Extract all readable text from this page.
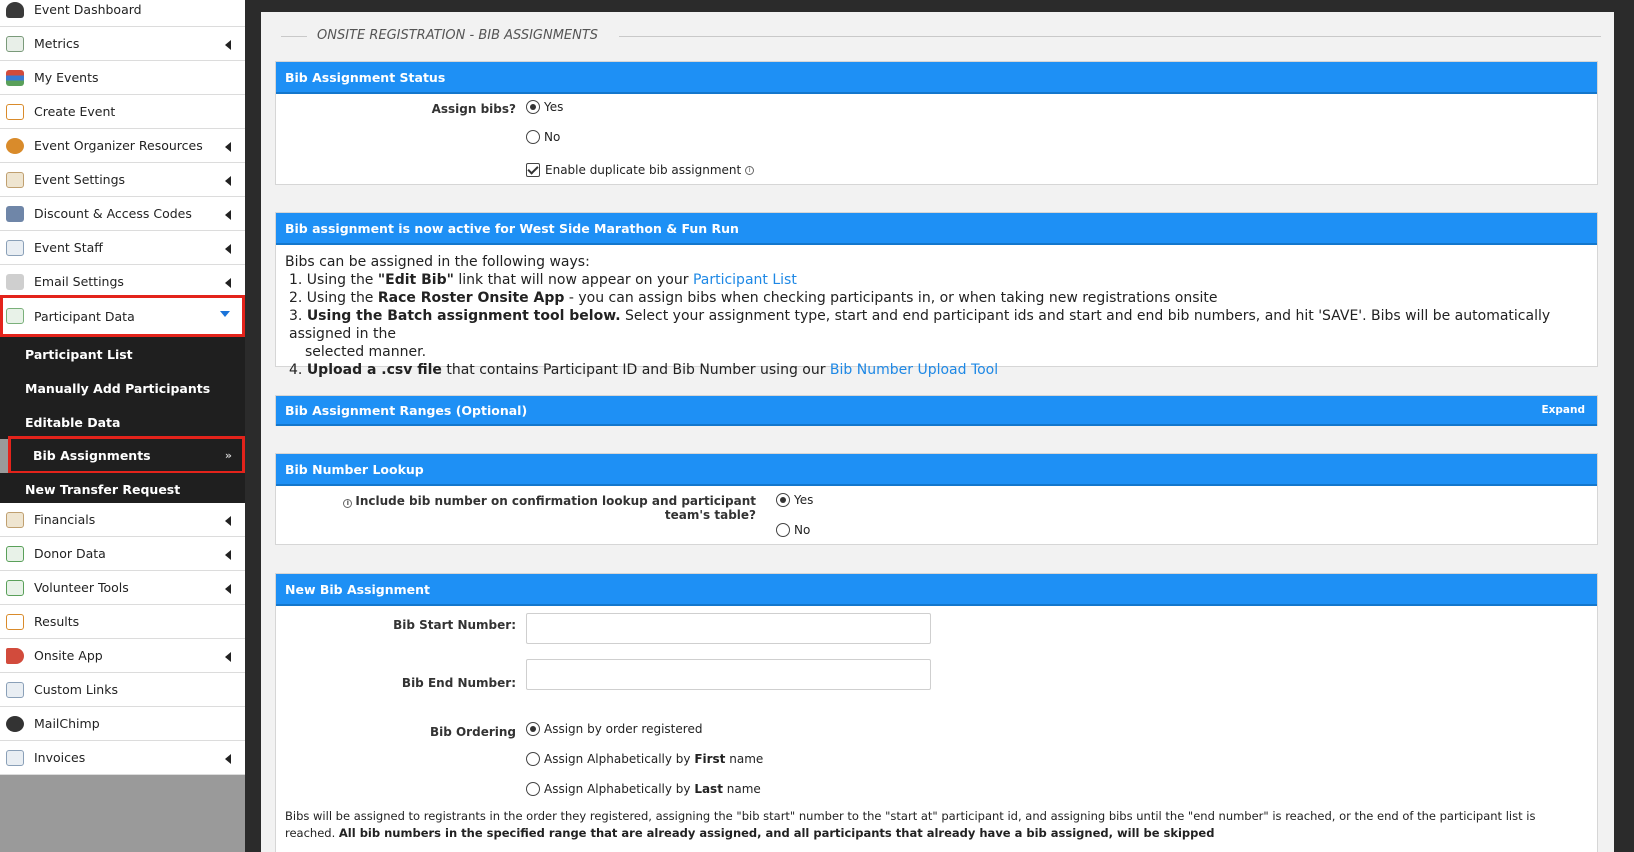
Event Dashboard
Metrics
My Events
Create Event
Event Organizer Resources
Event Settings
Discount & Access Codes
Event Staff
Email Settings
Participant Data
Participant List
Manually Add Participants
Editable Data
Bib Assignments	»
New Transfer Request
Financials
Donor Data
Volunteer Tools
Results
Onsite App
Custom Links
MailChimp
Invoices
ONSITE REGISTRATION - BIB ASSIGNMENTS
Bib Assignment Status
Assign bibs? Yes
No
Enable duplicate bib assignment	i
Bib assignment is now active for West Side Marathon & Fun Run
Bibs can be assigned in the following ways:
1. Using the "Edit Bib" link that will now appear on your Participant List
2. Using the Race Roster Onsite App - you can assign bibs when checking participants in, or when taking new registrations onsite
3. Using the Batch assignment tool below. Select your assignment type, start and end participant ids and start and end bib numbers, and hit 'SAVE'. Bibs will be automatically assigned in the
selected manner.
4. Upload a .csv file that contains Participant ID and Bib Number using our Bib Number Upload Tool
Bib Assignment Ranges (Optional)	Expand
Bib Number Lookup
i Include bib number on confirmation lookup and participant team's table?
Yes
No
New Bib Assignment
Bib Start Number:
Bib End Number:
Bib Ordering Assign by order registered
Assign Alphabetically by First name
Assign Alphabetically by Last name
Bibs will be assigned to registrants in the order they registered, assigning the "bib start" number to the "start at" participant id, and assigning bibs until the "end number" is reached, or the end of the participant list is reached. All bib numbers in the specified range that are already assigned, and all participants that already have a bib assigned, will be skipped
